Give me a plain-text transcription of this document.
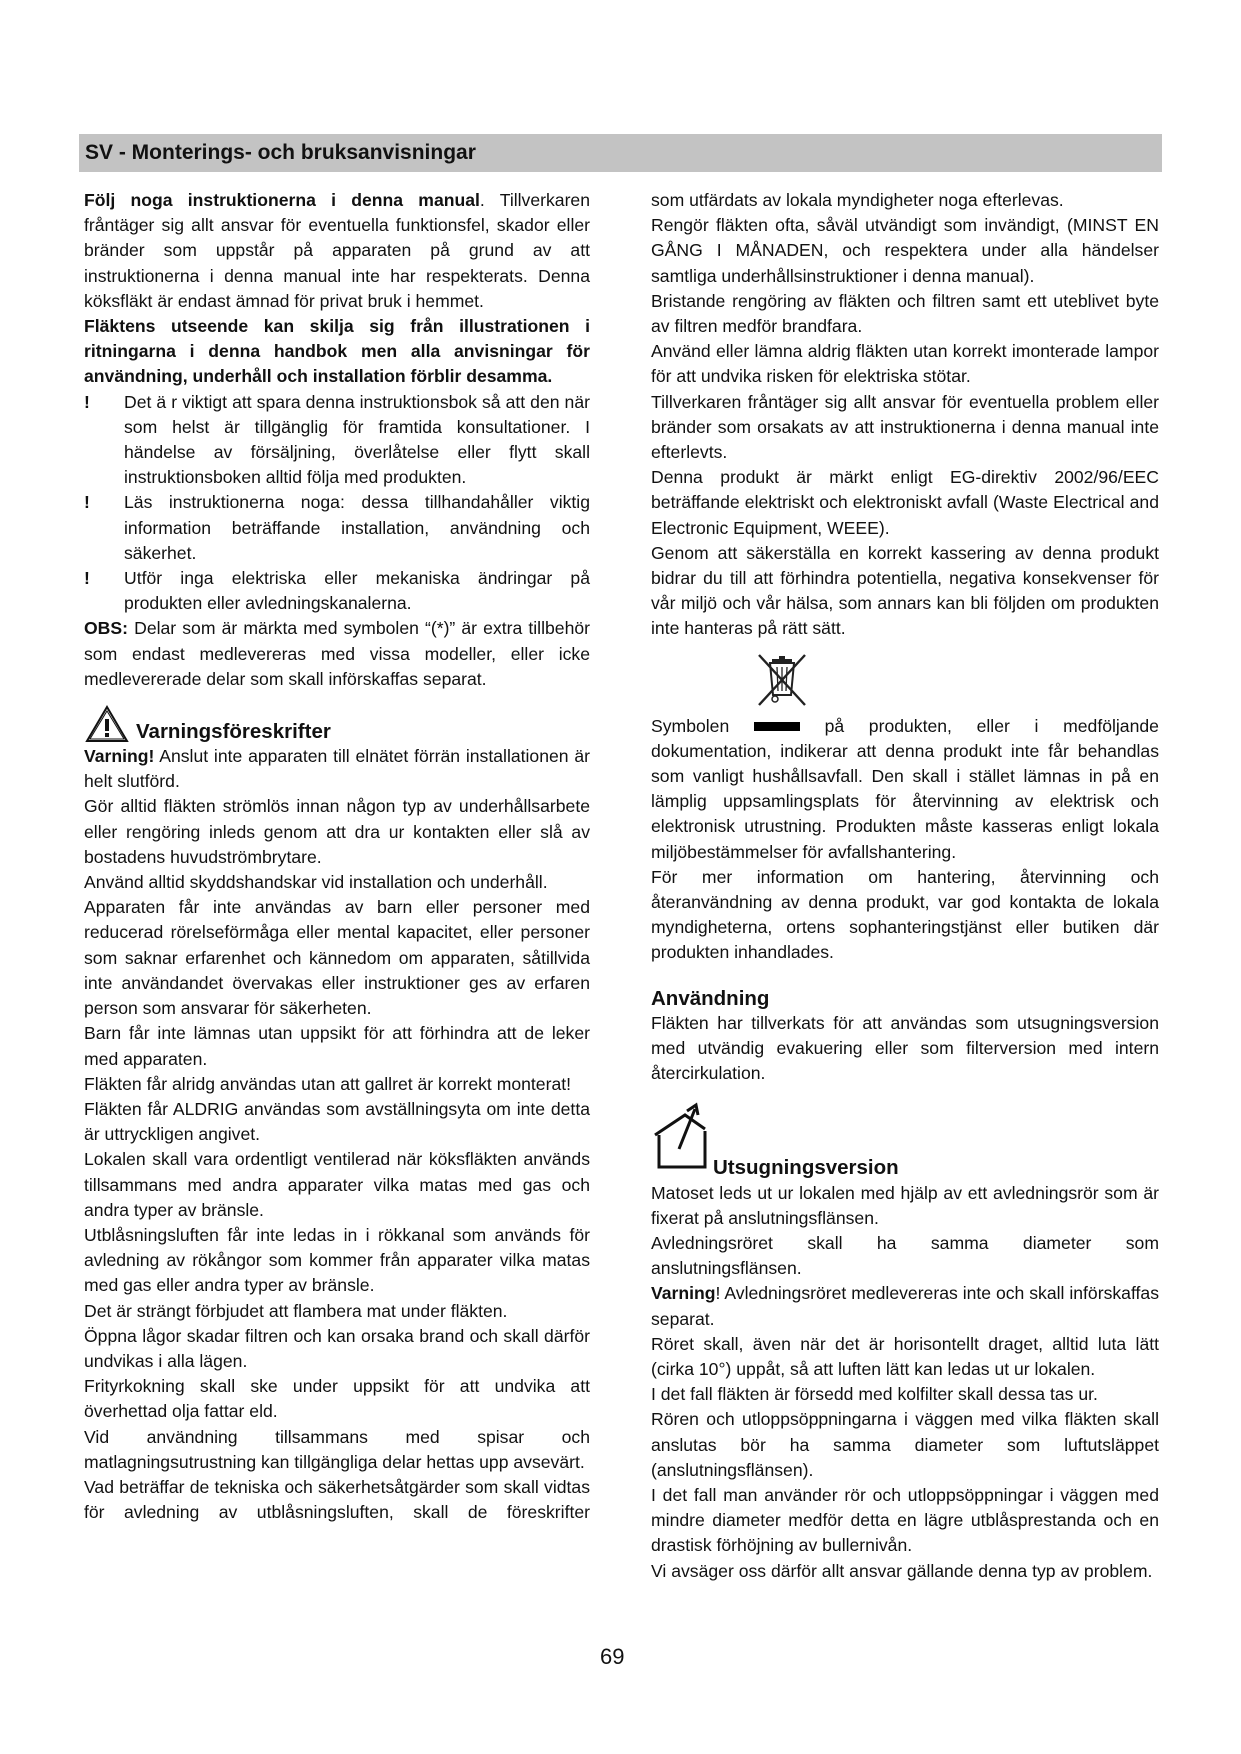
SV - Monterings- och bruksanvisningar

Följ noga instruktionerna i denna manual. Tillverkaren fråntäger sig allt ansvar för eventuella funktionsfel, skador eller bränder som uppstår på apparaten på grund av att instruktionerna i denna manual inte har respekterats. Denna köksfläkt är endast ämnad för privat bruk i hemmet.

Fläktens utseende kan skilja sig från illustrationen i ritningarna i denna handbok men alla anvisningar för användning, underhåll och installation förblir desamma.

!	Det ä r viktigt att spara denna instruktionsbok så att den när som helst är tillgänglig för framtida konsultationer. I händelse av försäljning, överlåtelse eller flytt skall instruktionsboken alltid följa med produkten.
!	Läs instruktionerna noga: dessa tillhandahåller viktig information beträffande installation, användning och säkerhet.
!	Utför inga elektriska eller mekaniska ändringar på produkten eller avledningskanalerna.

OBS: Delar som är märkta med symbolen “(*)” är extra tillbehör som endast medlevereras med vissa modeller, eller icke medlevererade delar som skall införskaffas separat.

Varningsföreskrifter

Varning! Anslut inte apparaten till elnätet förrän installationen är helt slutförd.

Gör alltid fläkten strömlös innan någon typ av underhållsarbete eller rengöring inleds genom att dra ur kontakten eller slå av bostadens huvudströmbrytare.

Använd alltid skyddshandskar vid installation och underhåll.

Apparaten får inte användas av barn eller personer med reducerad rörelseförmåga eller mental kapacitet, eller personer som saknar erfarenhet och kännedom om apparaten, såtillvida inte användandet övervakas eller instruktioner ges av erfaren person som ansvarar för säkerheten.

Barn får inte lämnas utan uppsikt för att förhindra att de leker med apparaten.

Fläkten får alridg användas utan att gallret är korrekt monterat!

Fläkten får ALDRIG användas som avställningsyta om inte detta är uttryckligen angivet.

Lokalen skall vara ordentligt ventilerad när köksfläkten används tillsammans med andra apparater vilka matas med gas och andra typer av bränsle.

Utblåsningsluften får inte ledas in i rökkanal som används för avledning av rökångor som kommer från apparater vilka matas med gas eller andra typer av bränsle.

Det är strängt förbjudet att flambera mat under fläkten.

Öppna lågor skadar filtren och kan orsaka brand och skall därför undvikas i alla lägen.

Frityrkokning skall ske under uppsikt för att undvika att överhettad olja fattar eld.

Vid användning tillsammans med spisar och matlagningsutrustning kan tillgängliga delar hettas upp avsevärt.

Vad beträffar de tekniska och säkerhetsåtgärder som skall vidtas för avledning av utblåsningsluften, skall de föreskrifter

som utfärdats av lokala myndigheter noga efterlevas.

Rengör fläkten ofta, såväl utvändigt som invändigt, (MINST EN GÅNG I MÅNADEN, och respektera under alla händelser samtliga underhållsinstruktioner i denna manual).

Bristande rengöring av fläkten och filtren samt ett uteblivet byte av filtren medför brandfara.

Använd eller lämna aldrig fläkten utan korrekt imonterade lampor för att undvika risken för elektriska stötar.

Tillverkaren fråntäger sig allt ansvar för eventuella problem eller bränder som orsakats av att instruktionerna i denna manual inte efterlevts.

Denna produkt är märkt enligt EG-direktiv 2002/96/EEC beträffande elektriskt och elektroniskt avfall (Waste Electrical and Electronic Equipment, WEEE).

Genom att säkerställa en korrekt kassering av denna produkt bidrar du till att förhindra potentiella, negativa konsekvenser för vår miljö och vår hälsa, som annars kan bli följden om produkten inte hanteras på rätt sätt.

Symbolen	på produkten, eller i medföljande

dokumentation, indikerar att denna produkt inte får behandlas som vanligt hushållsavfall. Den skall i stället lämnas in på en lämplig uppsamlingsplats för återvinning av elektrisk och elektronisk utrustning. Produkten måste kasseras enligt lokala miljöbestämmelser för avfallshantering.

För mer information om hantering, återvinning och återanvändning av denna produkt, var god kontakta de lokala myndigheterna, ortens sophanteringstjänst eller butiken där produkten inhandlades.

Användning

Fläkten har tillverkats för att användas som utsugningsversion med utvändig evakuering eller som filterversion med intern återcirkulation.

Utsugningsversion

Matoset leds ut ur lokalen med hjälp av ett avledningsrör som är fixerat på anslutningsflänsen.

Avledningsröret skall ha samma diameter som anslutningsflänsen.

Varning! Avledningsröret medlevereras inte och skall införskaffas separat.

Röret skall, även när det är horisontellt draget, alltid luta lätt (cirka 10°) uppåt, så att luften lätt kan ledas ut ur lokalen.

I det fall fläkten är försedd med kolfilter skall dessa tas ur.

Rören och utloppsöppningarna i väggen med vilka fläkten skall anslutas bör ha samma diameter som luftutsläppet (anslutningsflänsen).

I det fall man använder rör och utloppsöppningar i väggen med mindre diameter medför detta en lägre utblåsprestanda och en drastisk förhöjning av bullernivån.

Vi avsäger oss därför allt ansvar gällande denna typ av problem.

69
